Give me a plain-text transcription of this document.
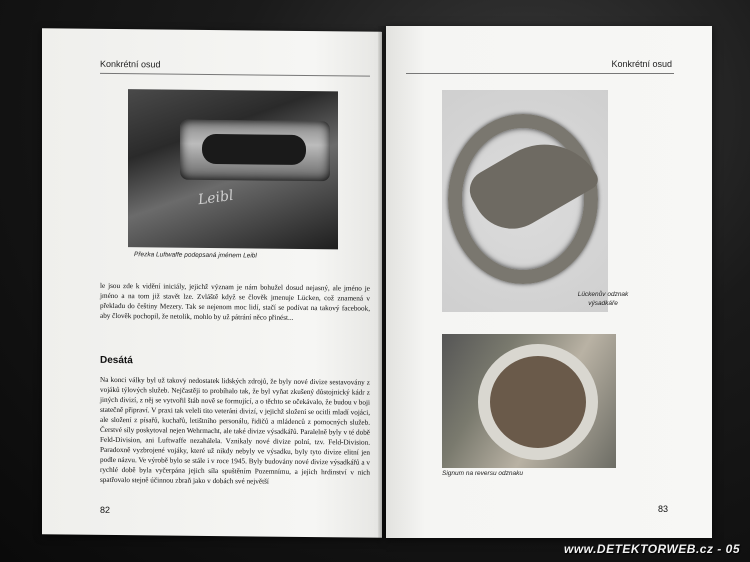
Konkrétní osud
Leibl
Přezka Luftwaffe podepsaná jménem Leibl
le jsou zde k vidění iniciály, jejichž význam je nám bohužel dosud nejasný, ale jméno je jméno a na tom již stavět lze. Zvláště když se člověk jmenuje Lücken, což znamená v překladu do češtiny Mezery. Tak se nejenom moc lidí, stačí se podívat na takový facebook, aby člověk pochopil, že netolik, mohlo by už pátrání něco přinést...
Desátá
Na konci války byl už takový nedostatek lidských zdrojů, že byly nové divize sestavovány z vojáků týlových služeb. Nejčastěji to probíhalo tak, že byl vyňat zkušený důstojnický kádr z jiných divizí, z něj se vytvořil štáb nově se formující, a o těchto se očekávalo, že budou v boji statečně připraví. V praxi tak veleli tito veteráni divizí, v jejichž složení se ocitli mladí vojáci, ale složení z písařů, kuchařů, letištního personálu, řidičů a mládenců z pomocných služeb. Čerstvé síly poskytoval nejen Wehrmacht, ale také divize výsadkářů. Paralelně byly v té době Feld-Division, ani Luftwaffe nezahálela. Vznikaly nové divize polní, tzv. Feld-Division. Paradoxně vyzbrojené vojáky, které už nikdy nebyly ve výsadku, byly tyto divize elitní jen podle názvu. Ve výrobě bylo se stále i v roce 1945. Byly budovány nové divize výsadkářů a v rychlé době byla vyčerpána jejich síla spuštěním Pozemnímu, a jejich hrdinství v nich spatřovalo stejně účinnou zbraň jako v dobách své největší
82
Konkrétní osud
Lückenův odznak výsadkáře
Signum na reversu odznaku
83
www.DETEKTORWEB.cz - 05
